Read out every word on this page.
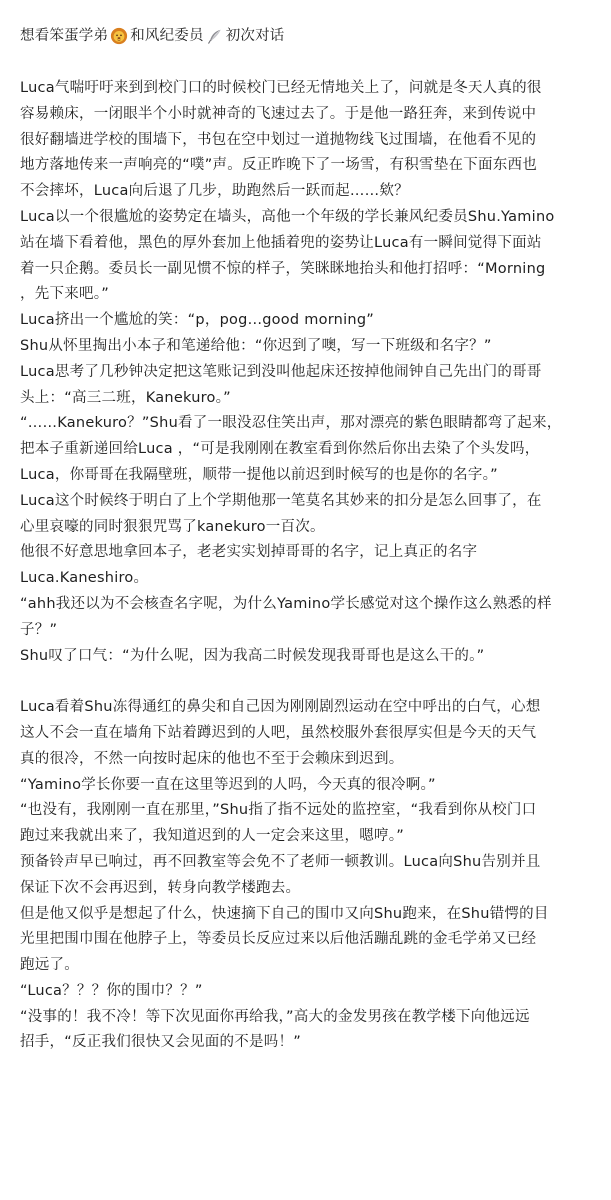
想看笨蛋学弟 和风纪委员 初次对话

Luca气喘吁吁来到到校门口的时候校门已经无情地关上了，问就是冬天人真的很
容易赖床，一闭眼半个小时就神奇的飞速过去了。于是他一路狂奔，来到传说中
很好翻墙进学校的围墙下，书包在空中划过一道抛物线飞过围墙，在他看不见的
地方落地传来一声响亮的“噗”声。反正昨晚下了一场雪，有积雪垫在下面东西也
不会摔坏，Luca向后退了几步，助跑然后一跃而起……欸？

Luca以一个很尴尬的姿势定在墙头，高他一个年级的学长兼风纪委员Shu.Yamino
站在墙下看着他，黑色的厚外套加上他插着兜的姿势让Luca有一瞬间觉得下面站
着一只企鹅。委员长一副见惯不惊的样子，笑眯眯地抬头和他打招呼：“Morning
，先下来吧。”

Luca挤出一个尴尬的笑：“p，pog...good morning”

Shu从怀里掏出小本子和笔递给他：“你迟到了噢，写一下班级和名字？”

Luca思考了几秒钟决定把这笔账记到没叫他起床还按掉他闹钟自己先出门的哥哥
头上：“高三二班，Kanekuro。”

“……Kanekuro？”Shu看了一眼没忍住笑出声，那对漂亮的紫色眼睛都弯了起来，
把本子重新递回给Luca ，“可是我刚刚在教室看到你然后你出去染了个头发吗，
Luca，你哥哥在我隔壁班，顺带一提他以前迟到时候写的也是你的名字。”

Luca这个时候终于明白了上个学期他那一笔莫名其妙来的扣分是怎么回事了，在
心里哀嚎的同时狠狠咒骂了kanekuro一百次。

他很不好意思地拿回本子，老老实实划掉哥哥的名字，记上真正的名字
Luca.Kaneshiro。

“ahh我还以为不会核查名字呢，为什么Yamino学长感觉对这个操作这么熟悉的样
子？”

Shu叹了口气：“为什么呢，因为我高二时候发现我哥哥也是这么干的。”

Luca看着Shu冻得通红的鼻尖和自己因为刚刚剧烈运动在空中呼出的白气，心想
这人不会一直在墙角下站着蹲迟到的人吧，虽然校服外套很厚实但是今天的天气
真的很冷，不然一向按时起床的他也不至于会赖床到迟到。

“Yamino学长你要一直在这里等迟到的人吗，今天真的很冷啊。”

“也没有，我刚刚一直在那里，”Shu指了指不远处的监控室，“我看到你从校门口
跑过来我就出来了，我知道迟到的人一定会来这里，嗯哼。”

预备铃声早已响过，再不回教室等会免不了老师一顿教训。Luca向Shu告别并且
保证下次不会再迟到，转身向教学楼跑去。

但是他又似乎是想起了什么，快速摘下自己的围巾又向Shu跑来，在Shu错愕的目
光里把围巾围在他脖子上，等委员长反应过来以后他活蹦乱跳的金毛学弟又已经
跑远了。

“Luca？？？你的围巾？？”

“没事的！我不冷！等下次见面你再给我，”高大的金发男孩在教学楼下向他远远
招手，“反正我们很快又会见面的不是吗！”
